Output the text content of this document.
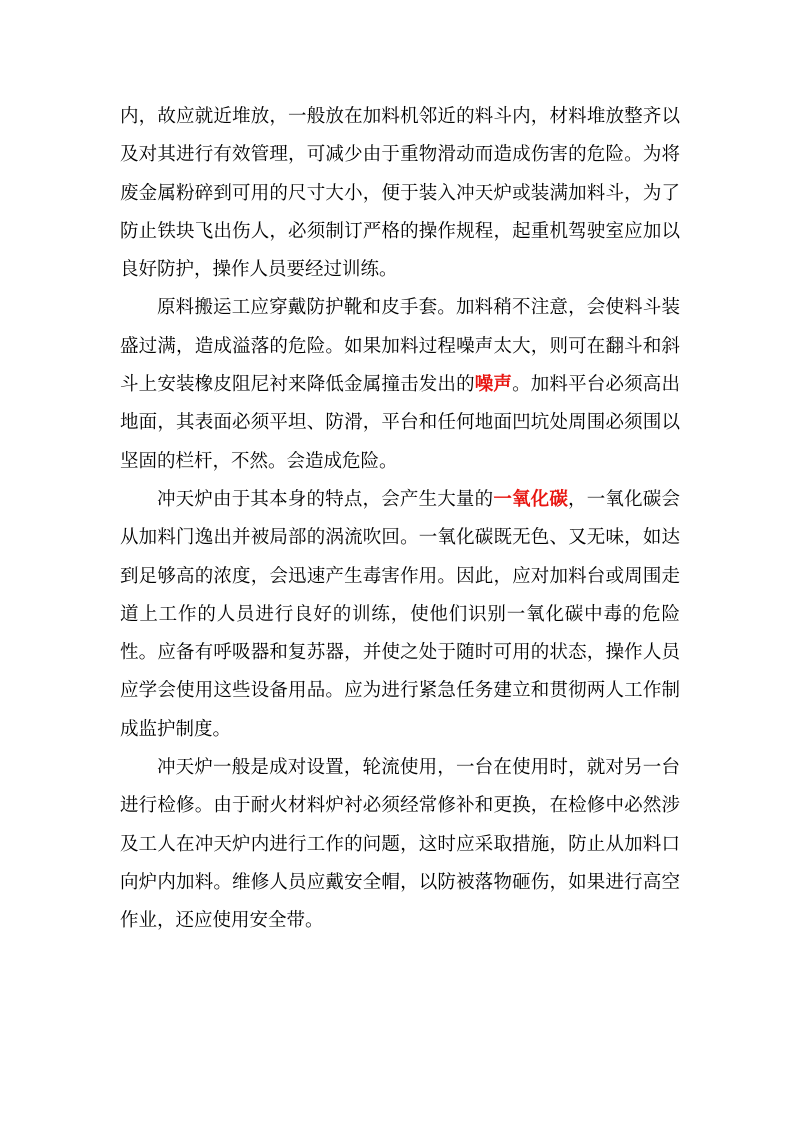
内，故应就近堆放，一般放在加料机邻近的料斗内，材料堆放整齐以及对其进行有效管理，可减少由于重物滑动而造成伤害的危险。为将废金属粉碎到可用的尺寸大小，便于装入冲天炉或装满加料斗，为了防止铁块飞出伤人，必须制订严格的操作规程，起重机驾驶室应加以良好防护，操作人员要经过训练。

原料搬运工应穿戴防护靴和皮手套。加料稍不注意，会使料斗装盛过满，造成溢落的危险。如果加料过程噪声太大，则可在翻斗和斜斗上安装橡皮阻尼衬来降低金属撞击发出的噪声。加料平台必须高出地面，其表面必须平坦、防滑，平台和任何地面凹坑处周围必须围以坚固的栏杆，不然。会造成危险。

冲天炉由于其本身的特点，会产生大量的一氧化碳，一氧化碳会从加料门逸出并被局部的涡流吹回。一氧化碳既无色、又无味，如达到足够高的浓度，会迅速产生毒害作用。因此，应对加料台或周围走道上工作的人员进行良好的训练，使他们识别一氧化碳中毒的危险性。应备有呼吸器和复苏器，并使之处于随时可用的状态，操作人员应学会使用这些设备用品。应为进行紧急任务建立和贯彻两人工作制成监护制度。

冲天炉一般是成对设置，轮流使用，一台在使用时，就对另一台进行检修。由于耐火材料炉衬必须经常修补和更换，在检修中必然涉及工人在冲天炉内进行工作的问题，这时应采取措施，防止从加料口向炉内加料。维修人员应戴安全帽，以防被落物砸伤，如果进行高空作业，还应使用安全带。
